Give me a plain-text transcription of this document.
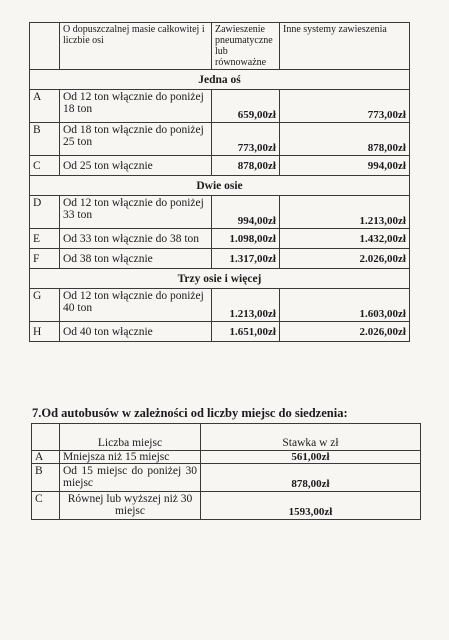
	O dopuszczalnej masie całkowitej i liczbie osi	Zawieszenie pneumatyczne lub równoważne	Inne systemy zawieszenia
Jedna oś			
A	Od 12 ton włącznie do poniżej 18 ton	659,00zł	773,00zł
B	Od 18 ton włącznie do poniżej 25 ton	773,00zł	878,00zł
C	Od 25 ton włącznie	878,00zł	994,00zł
Dwie osie			
D	Od 12 ton włącznie do poniżej 33 ton	994,00zł	1.213,00zł
E	Od 33 ton włącznie do 38 ton	1.098,00zł	1.432,00zł
F	Od 38 ton włącznie	1.317,00zł	2.026,00zł
Trzy osie i więcej			
G	Od 12 ton włącznie do poniżej 40 ton	1.213,00zł	1.603,00zł
H	Od 40 ton włącznie	1.651,00zł	2.026,00zł
7.Od autobusów w zależności od liczby miejsc do siedzenia:
	Liczba miejsc	Stawka w zł
A	Mniejsza niż 15 miejsc	561,00zł
B	Od 15 miejsc do poniżej 30 miejsc	878,00zł
C	Równej lub wyższej niż 30 miejsc	1593,00zł
